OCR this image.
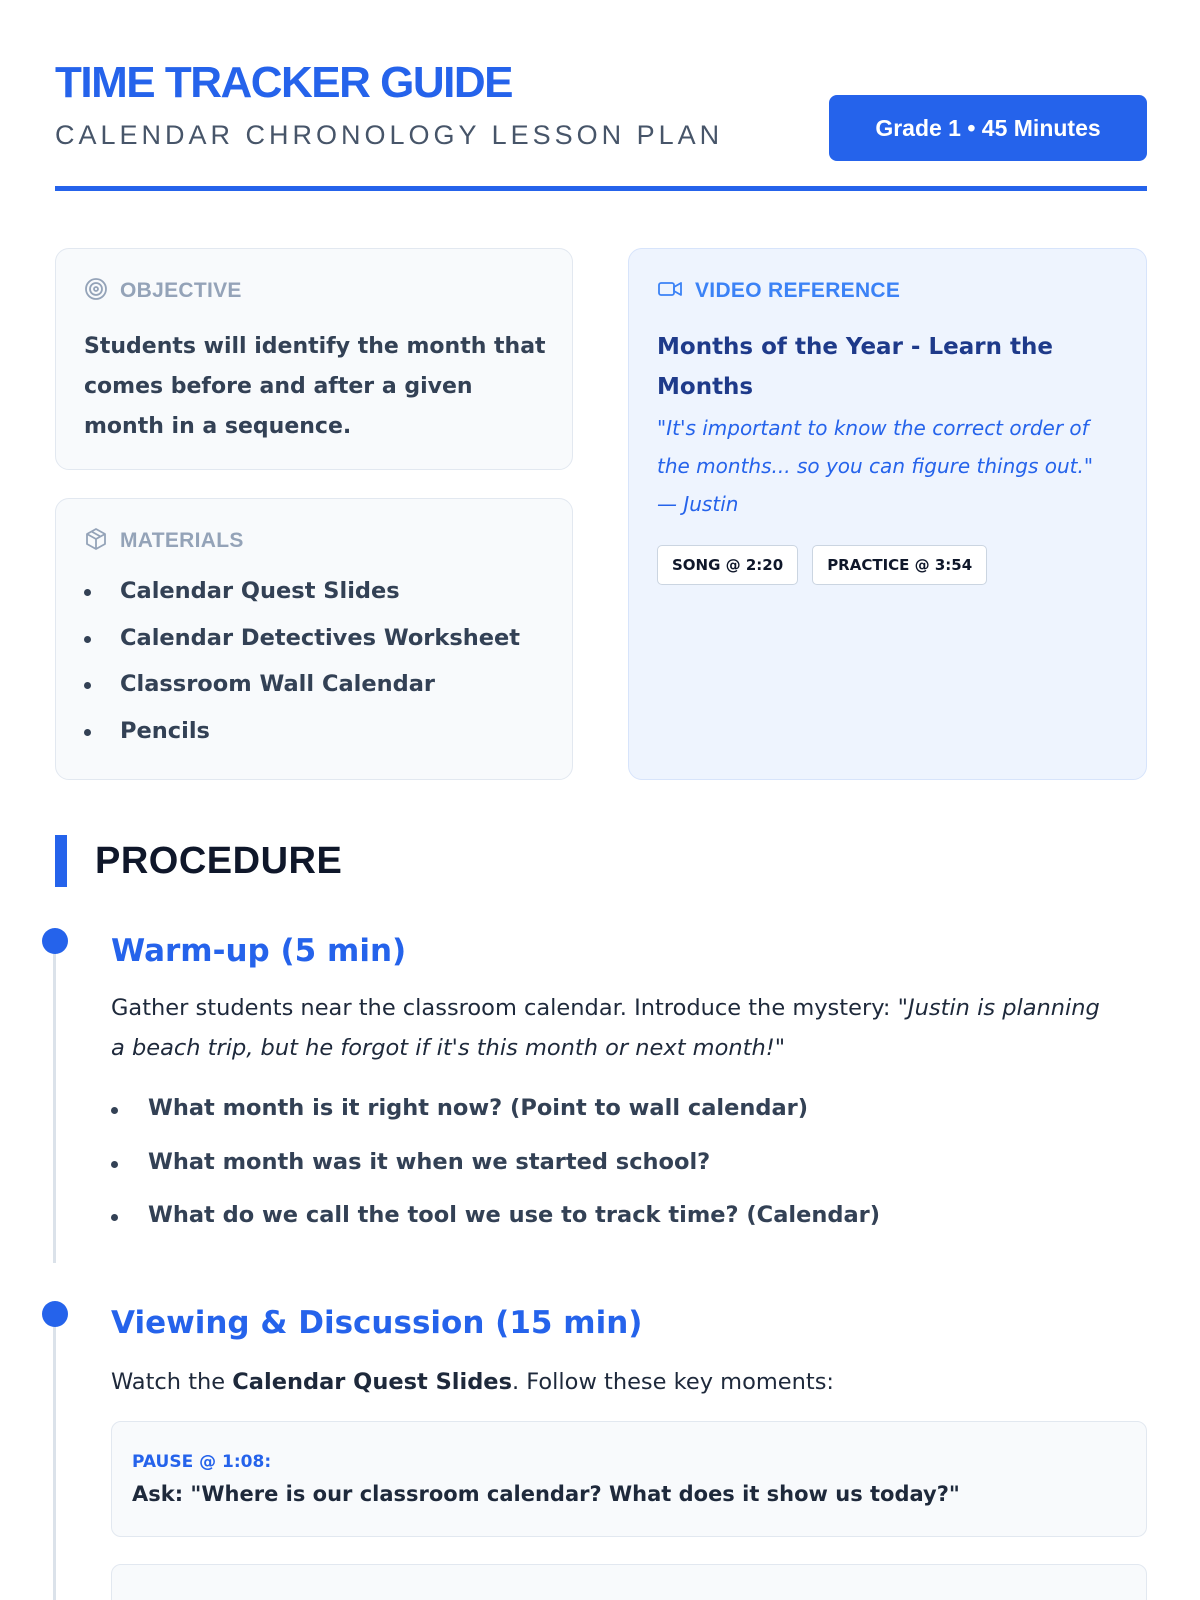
TIME TRACKER GUIDE
CALENDAR CHRONOLOGY LESSON PLAN	Grade 1 • 45 Minutes
OBJECTIVE
Students will identify the month that comes before and after a given month in a sequence.
MATERIALS
Calendar Quest Slides
Calendar Detectives Worksheet
Classroom Wall Calendar
Pencils
VIDEO REFERENCE
Months of the Year - Learn the Months
"It's important to know the correct order of the months... so you can figure things out."
— Justin
SONG @ 2:20	PRACTICE @ 3:54
PROCEDURE
Warm-up (5 min)
Gather students near the classroom calendar. Introduce the mystery: "Justin is planning a beach trip, but he forgot if it's this month or next month!"
What month is it right now? (Point to wall calendar)
What month was it when we started school?
What do we call the tool we use to track time? (Calendar)
Viewing & Discussion (15 min)
Watch the Calendar Quest Slides. Follow these key moments:
PAUSE @ 1:08:
Ask: "Where is our classroom calendar? What does it show us today?"
